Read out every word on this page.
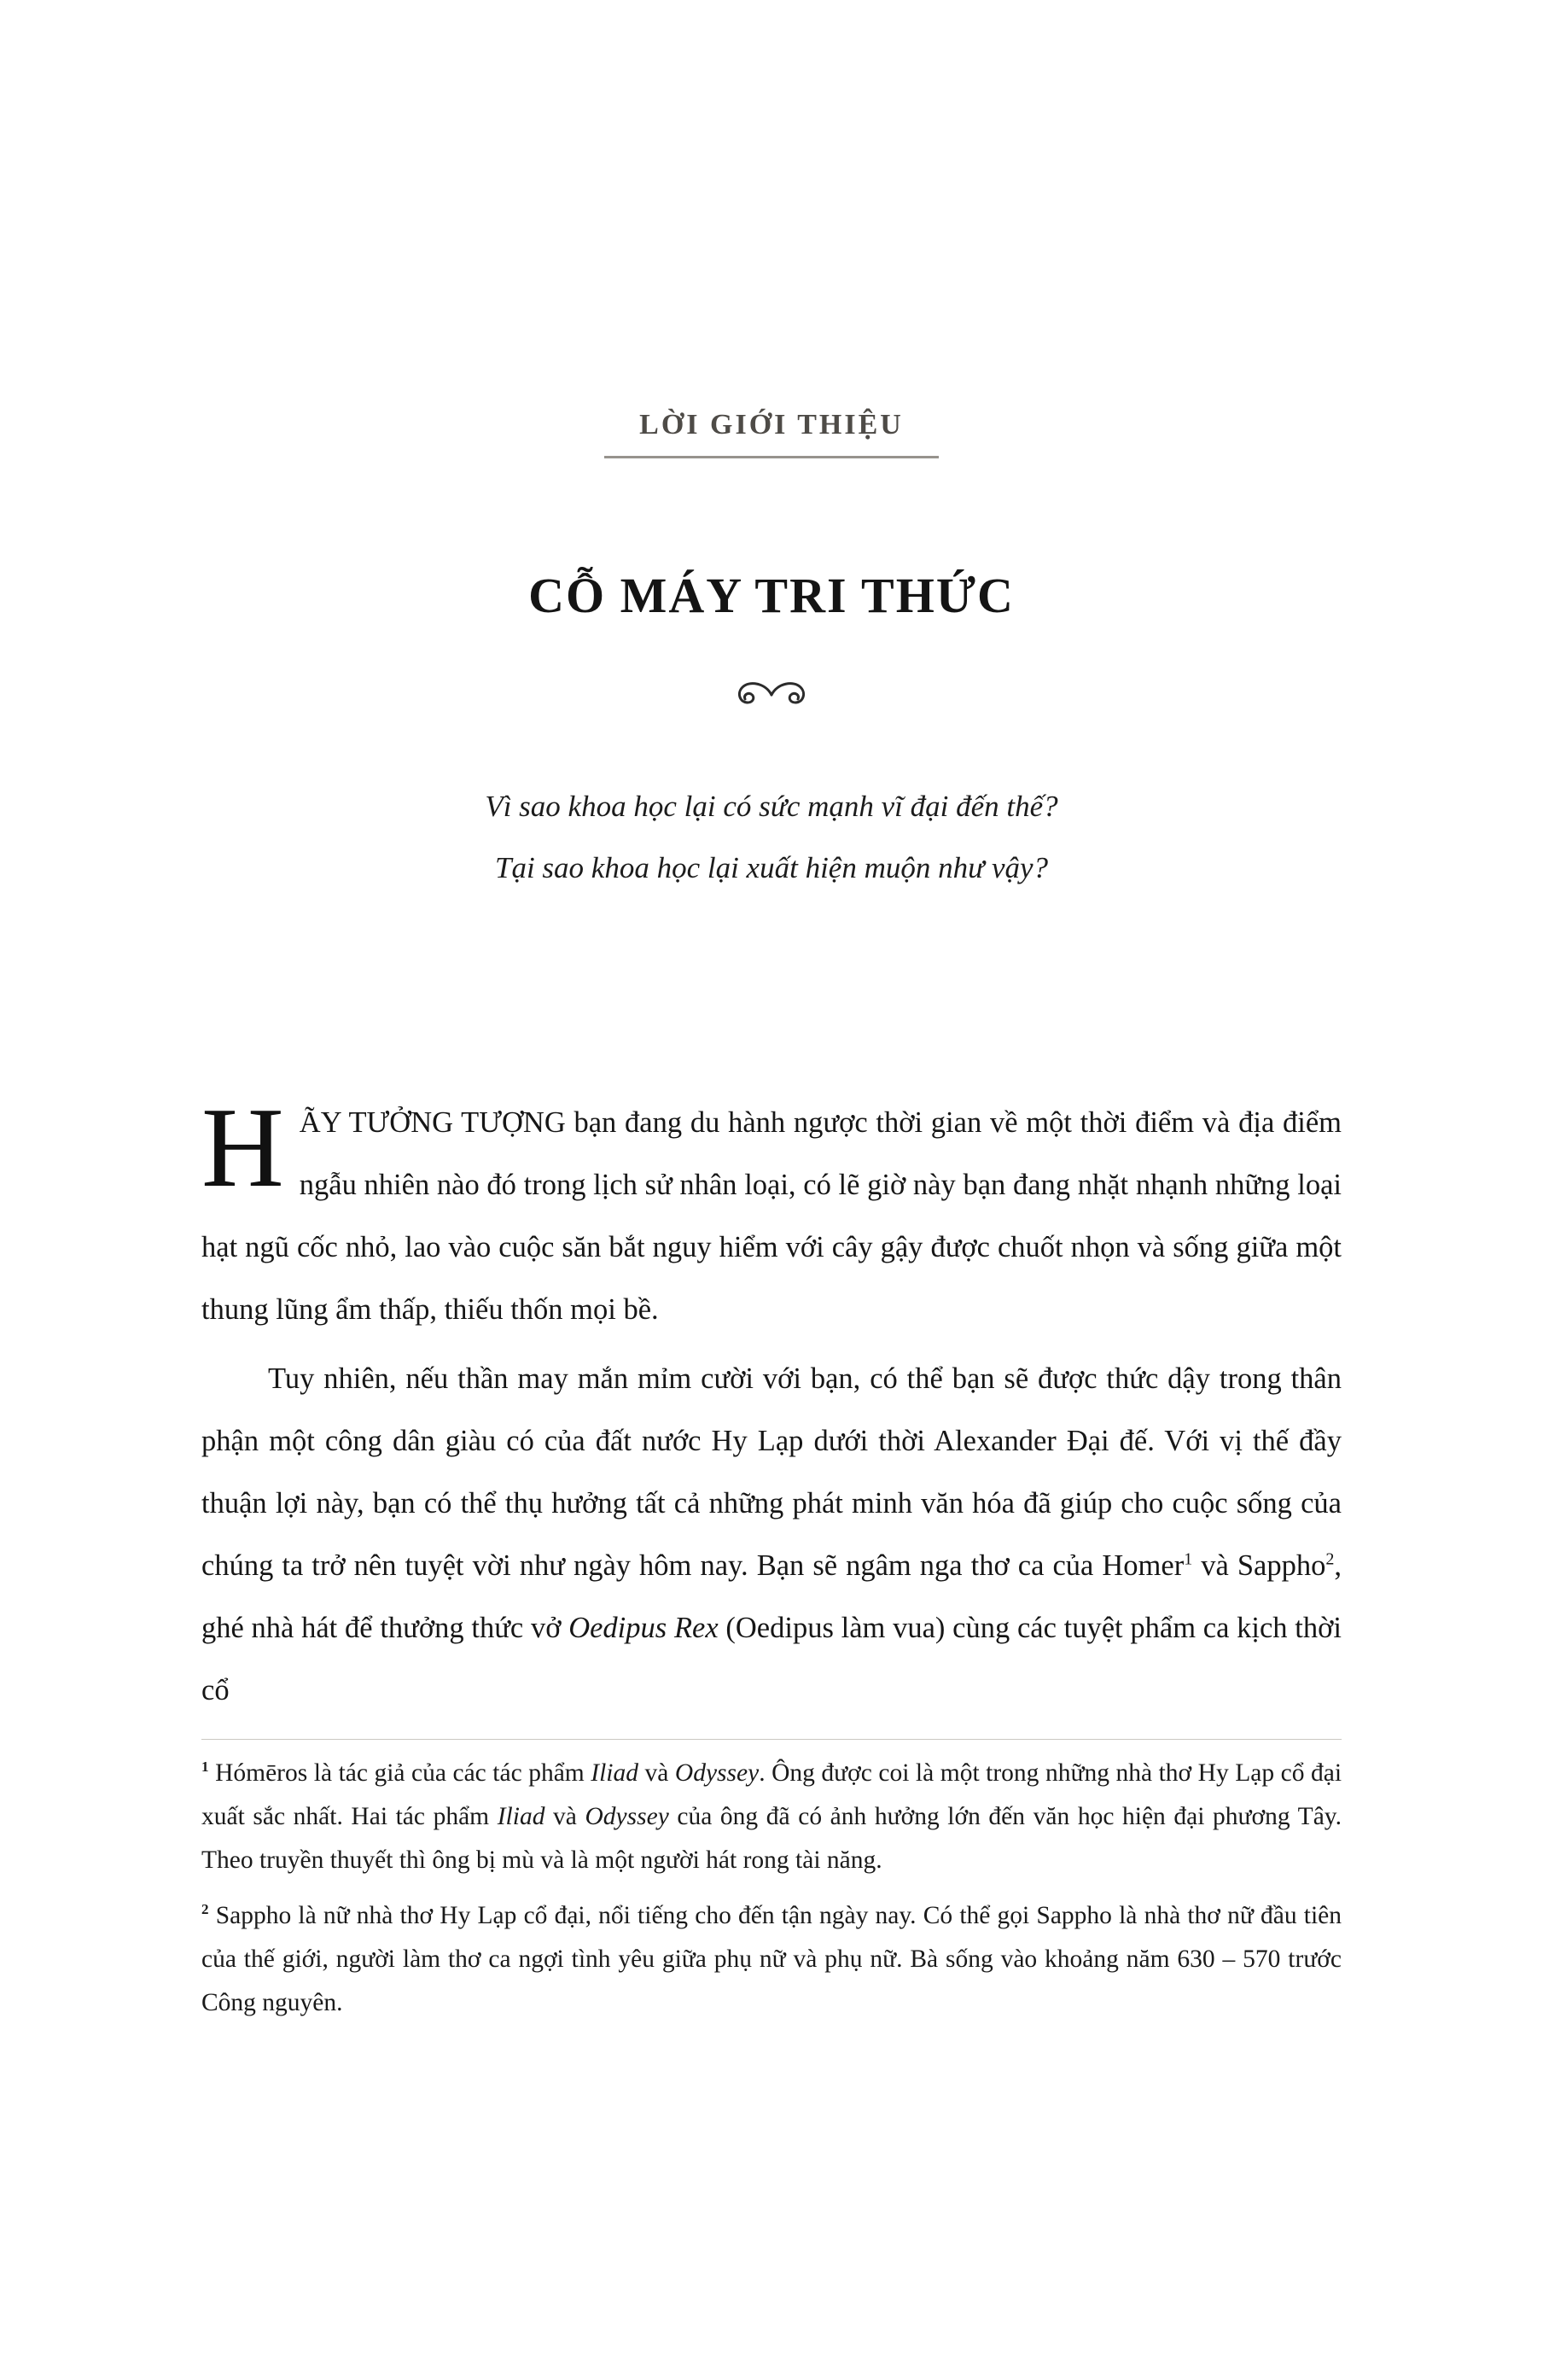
LỜI GIỚI THIỆU
CỖ MÁY TRI THỨC
Vì sao khoa học lại có sức mạnh vĩ đại đến thế?
Tại sao khoa học lại xuất hiện muộn như vậy?

HÃY TƯỞNG TƯỢNG bạn đang du hành ngược thời gian về một thời điểm và địa điểm ngẫu nhiên nào đó trong lịch sử nhân loại, có lẽ giờ này bạn đang nhặt nhạnh những loại hạt ngũ cốc nhỏ, lao vào cuộc săn bắt nguy hiểm với cây gậy được chuốt nhọn và sống giữa một thung lũng ẩm thấp, thiếu thốn mọi bề.

Tuy nhiên, nếu thần may mắn mỉm cười với bạn, có thể bạn sẽ được thức dậy trong thân phận một công dân giàu có của đất nước Hy Lạp dưới thời Alexander Đại đế. Với vị thế đầy thuận lợi này, bạn có thể thụ hưởng tất cả những phát minh văn hóa đã giúp cho cuộc sống của chúng ta trở nên tuyệt vời như ngày hôm nay. Bạn sẽ ngâm nga thơ ca của Homer$^1$ và Sappho$^2$, ghé nhà hát để thưởng thức vở Oedipus Rex (Oedipus làm vua) cùng các tuyệt phẩm ca kịch thời cổ

$^1$ Hómēros là tác giả của các tác phẩm Iliad và Odyssey. Ông được coi là một trong những nhà thơ Hy Lạp cổ đại xuất sắc nhất. Hai tác phẩm Iliad và Odyssey của ông đã có ảnh hưởng lớn đến văn học hiện đại phương Tây. Theo truyền thuyết thì ông bị mù và là một người hát rong tài năng.

$^2$ Sappho là nữ nhà thơ Hy Lạp cổ đại, nổi tiếng cho đến tận ngày nay. Có thể gọi Sappho là nhà thơ nữ đầu tiên của thế giới, người làm thơ ca ngợi tình yêu giữa phụ nữ và phụ nữ. Bà sống vào khoảng năm 630 – 570 trước Công nguyên.
